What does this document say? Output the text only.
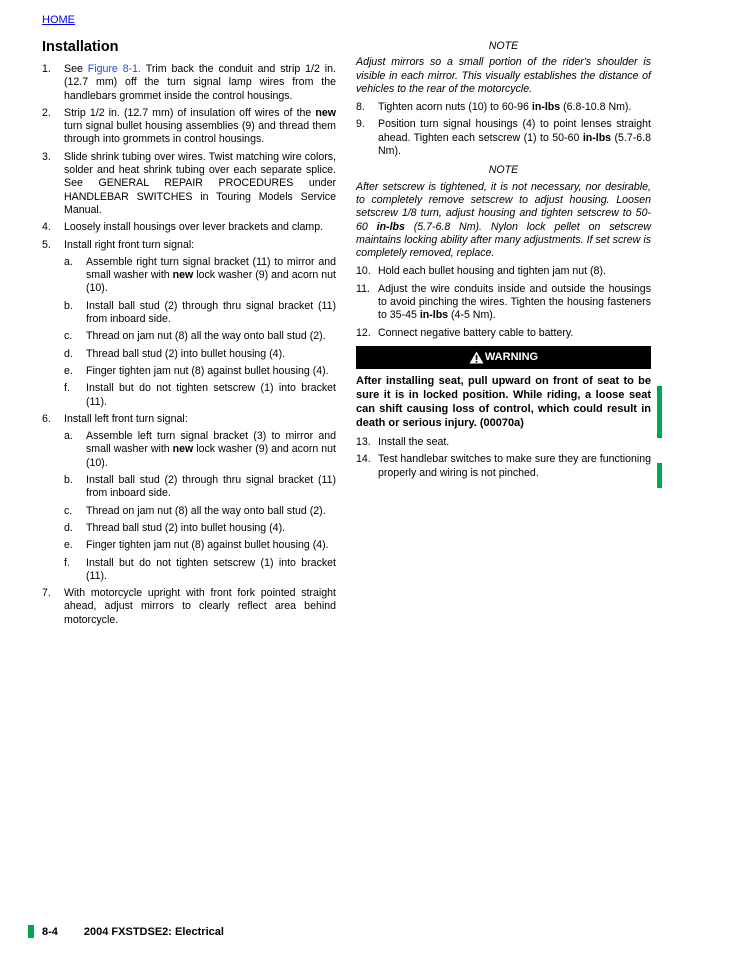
HOME
Installation
1. See Figure 8-1. Trim back the conduit and strip 1/2 in. (12.7 mm) off the turn signal lamp wires from the handlebars grommet inside the control housings.
2. Strip 1/2 in. (12.7 mm) of insulation off wires of the new turn signal bullet housing assemblies (9) and thread them through into grommets in control housings.
3. Slide shrink tubing over wires. Twist matching wire colors, solder and heat shrink tubing over each separate splice. See GENERAL REPAIR PROCEDURES under HANDLEBAR SWITCHES in Touring Models Service Manual.
4. Loosely install housings over lever brackets and clamp.
5. Install right front turn signal:
a. Assemble right turn signal bracket (11) to mirror and small washer with new lock washer (9) and acorn nut (10).
b. Install ball stud (2) through thru signal bracket (11) from inboard side.
c. Thread on jam nut (8) all the way onto ball stud (2).
d. Thread ball stud (2) into bullet housing (4).
e. Finger tighten jam nut (8) against bullet housing (4).
f. Install but do not tighten setscrew (1) into bracket (11).
6. Install left front turn signal:
a. Assemble left turn signal bracket (3) to mirror and small washer with new lock washer (9) and acorn nut (10).
b. Install ball stud (2) through thru signal bracket (11) from inboard side.
c. Thread on jam nut (8) all the way onto ball stud (2).
d. Thread ball stud (2) into bullet housing (4).
e. Finger tighten jam nut (8) against bullet housing (4).
f. Install but do not tighten setscrew (1) into bracket (11).
7. With motorcycle upright with front fork pointed straight ahead, adjust mirrors to clearly reflect area behind motorcycle.
NOTE
Adjust mirrors so a small portion of the rider's shoulder is visible in each mirror. This visually establishes the distance of vehicles to the rear of the motorcycle.
8. Tighten acorn nuts (10) to 60-96 in-lbs (6.8-10.8 Nm).
9. Position turn signal housings (4) to point lenses straight ahead. Tighten each setscrew (1) to 50-60 in-lbs (5.7-6.8 Nm).
NOTE
After setscrew is tightened, it is not necessary, nor desirable, to completely remove setscrew to adjust housing. Loosen setscrew 1/8 turn, adjust housing and tighten setscrew to 50-60 in-lbs (5.7-6.8 Nm). Nylon lock pellet on setscrew maintains locking ability after many adjustments. If set screw is completely removed, replace.
10. Hold each bullet housing and tighten jam nut (8).
11. Adjust the wire conduits inside and outside the housings to avoid pinching the wires. Tighten the housing fasteners to 35-45 in-lbs (4-5 Nm).
12. Connect negative battery cable to battery.
WARNING
After installing seat, pull upward on front of seat to be sure it is in locked position. While riding, a loose seat can shift causing loss of control, which could result in death or serious injury. (00070a)
13. Install the seat.
14. Test handlebar switches to make sure they are functioning properly and wiring is not pinched.
8-4 2004 FXSTDSE2: Electrical
